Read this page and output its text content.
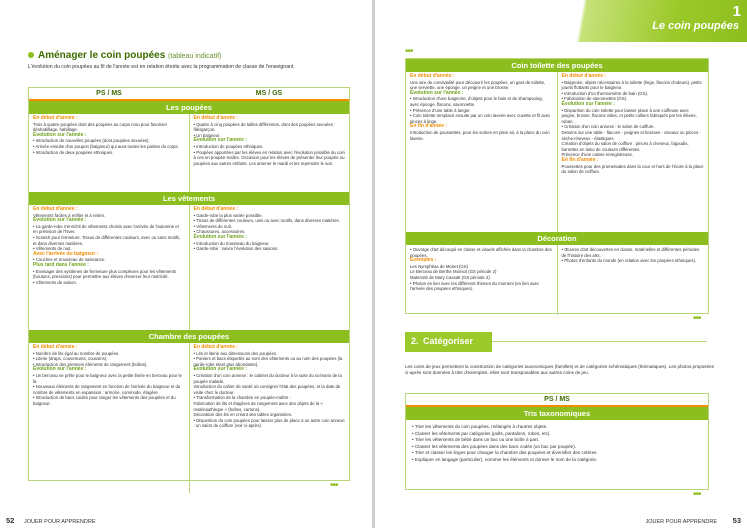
Aménager le coin poupées (tableau indicatif)
L'évolution du coin poupées au fil de l'année est en relation étroite avec la programmation de classe de l'enseignant.
PS / MS	MS / GS
Les poupées
En début d'année :
Trois à quatre poupées dont des poupées au corps mou pour favoriser déshabillage, habillage.
Évolution sur l'année :
• Introduction de nouvelles poupées (dont poupées sexuées).
• Arrivée ensuite d'un poupon (baigneur) qui aura toutes les parties du corps.
• Introduction de deux poupées ethniques.
En début d'année :
• Quatre à cinq poupées de tailles différentes, dont des poupées sexuées : fille/garçon.
• Un baigneur.
Évolution sur l'année :
• Introduction de poupées ethniques.
• Poupées apportées par les élèves en relation avec l'évolution possible du coin à ces en poupée-maître. Occasion pour les élèves de présenter leur poupée ou poupées aux autres enfants. Les amener le mardi et les reprendre le soir.
Les vêtements
En début d'année :
Vêtements faciles à enfiler et à retirer.
Évolution sur l'année :
• La garde-robe s'enrichit de vêtements choisis avec l'arrivée de l'automne et en prévision de l'hiver.
• Scratch pour fermeture. Tissus de différentes couleurs, avec ou sans motifs, et dans diverses matières.
• Vêtements de nuit.
Avec l'arrivée du baigneur :
• Couches et trousseau de naissance.
Plus tard dans l'année :
• Envisager des systèmes de fermeture plus complexes pour les vêtements (boutons, pressions) pour permettre aux élèves d'exercer leur motricité.
• Vêtements de saison.
En début d'année :
• Garde-robe la plus variée possible.
• Tissus de différentes couleurs, unis ou avec motifs, dans diverses matières.
• Vêtements de nuit.
• Chaussures, accessoires.
Évolution sur l'année :
• Introduction du trousseau du baigneur.
• Garde-robe : suivre l'évolution des saisons.
Chambre des poupées
En début d'année :
• Nombre de lits égal au nombre de poupées.
• Literie (draps, couvertures, coussins).
• Introduction des premiers éléments de rangement (boîtes).
Évolution sur l'année :
• Un berceau se prête pour le baigneur avec la petite literie en berceau pour le lit.
• Nouveaux éléments de rangement en fonction de l'arrivée du baigneur et du nombre de vêtements en expansion : armoire, commode, étagère.
• Introduction de bacs coulés pour ranger les vêtements des poupées et du baigneur.
En début d'année :
• Lits et literie aux dimensions des poupées.
• Paniers et bacs étiquetés au nom des vêtements ou au nom des poupées (la garde-robe étant plus abondante).
Évolution sur l'année :
• Création d'un coin annexe : le cabinet du docteur à la suite du scénario de la poupée malade.
Introduction du cahier de santé où consigner l'état des poupées, et la date de visite chez le docteur.
• Transformation de la chambre en poupée-maître :
Fabrication de lits et étagères de rangement avec des objets de la « matériauthèque » (boîtes, cartons).
Décoration des lits en créant des tables organisées.
• Disposition du coin poupées pour laisser plus de place à un autre coin annexe : un salon de coiffure (voir ci-après).
•••
52 JOUER POUR APPRENDRE
1
Le coin poupées
•••
Coin toilette des poupées
En début d'année :
Une aire de convivialité pour découvrir les poupées, un gant de toilette, une serviette, une éponge, un peigne et une brosse.
Évolution sur l'année :
• Introduction d'une baignoire, d'objets pour le bain et de shampooing, avec éponge, flacons, savonnette.
• Présence d'une table à langer.
• Coin toilette remplacé ensuite par un coin laverie avec cuvette et fil avec pinces à linge.
En fin d'année :
Introduction de poussettes, pour les sorties en plein air, à la place du coin laverie.
En début d'année :
• Baignoire, objets nécessaires à la toilette (linge, flacons d'odeurs), petits jouets flottants pour le baigneur.
• Introduction d'un thermomètre de bain (GS).
• Fabrication de savonnettes (GS).
Évolution sur l'année :
• Disparition du coin toilette pour laisser place à une coiffeuse avec peigne, brosse, flacons vides, et petits colliers fabriqués par les élèves, ruban.
• Création d'un coin annexe : le salon de coiffure.
Dessins sur une table - flacons - peignes et brosses - ciseaux ou pinces - sèche-cheveux - élastiques
Création d'objets du salon de coiffure : pinces à cheveux, bigoudis, barrettes en laine de couleurs différentes.
Présence d'une caisse enregistreuse.
En fin d'année :
Poussettes pour des promenades dans la cour et hors de l'école à la place du salon de coiffure.
Décoration
• Ouvrage d'art découpé en classe et visuels affichés dans la chambre des poupées.
Exemples :
Les Nymphéas de Monet (GS)
Le Berceau de Berthe Morisot (GS période 2)
Maternité de Mary Cassatt (GS période 2)
• Photos en lien avec les différents thèmes du moment (en lien avec l'arrivée des poupées ethniques).
• Œuvres d'art découvertes en classe, matérielles et différentes périodes de l'histoire des arts.
• Photos d'enfants du monde (en relation avec les poupées ethniques).
•••
2. Catégoriser
Les coins de jeux permettent la construction de catégories taxonomiques (familles) et de catégories schématiques (thématiques). Les photos proposées ci-après sont données à titre d'exemples, elles sont transposables aux autres coins de jeu.
PS / MS
Tris taxonomiques
• Trier les vêtements du coin poupées, mélangés à d'autres objets.
• Classer les vêtements par catégories (pulls, pantalons, robes, etc).
• Trier les vêtements de bébé dans un bac ou une boîte à part.
• Classer les vêtements des poupées dans des bacs codés (un bac par poupée).
• Trier et classer les linges pour changer la chambre des poupées et diversifier des critères.
• Expliquer en langage (particulier), nommer les éléments et donner le nom de la catégorie.
•••
JOUER POUR APPRENDRE 53
